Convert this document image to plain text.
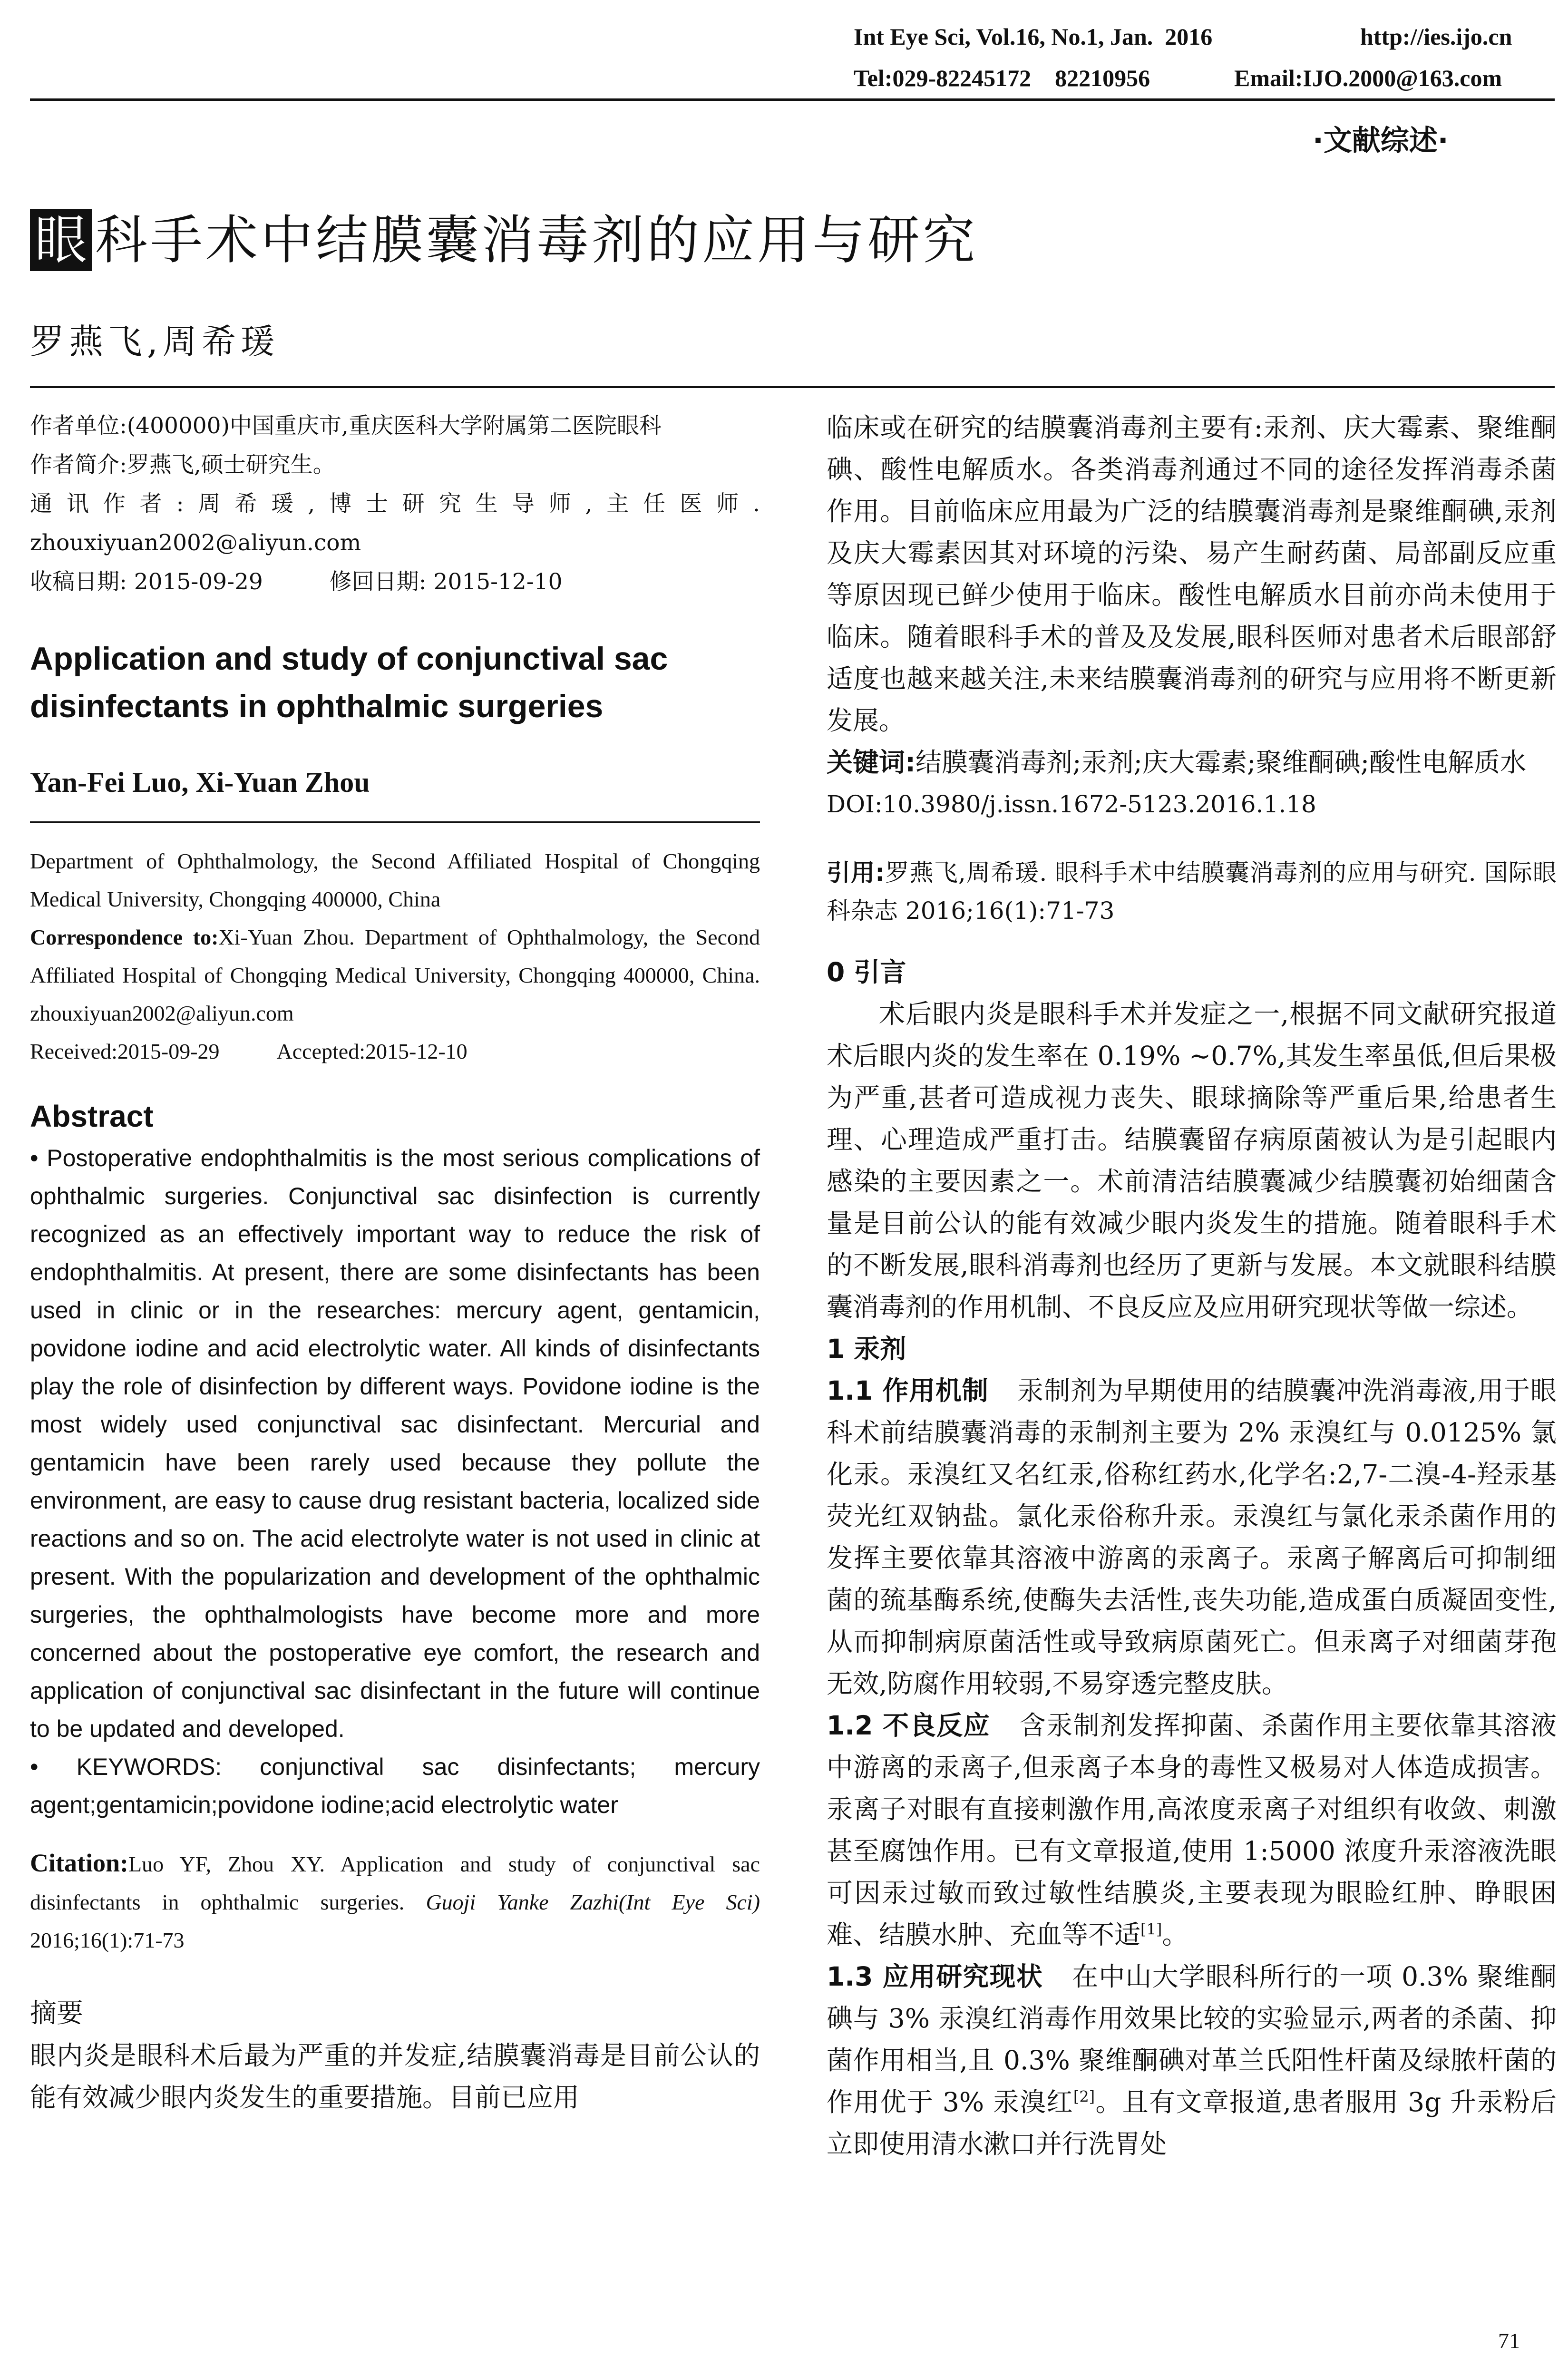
Int Eye Sci, Vol.16, No.1, Jan.  2016	http://ies.ijo.cn
Tel:029-82245172    82210956	Email:IJO.2000@163.com
·文献综述·
眼 科手术中结膜囊消毒剂的应用与研究
罗燕飞,周希瑗

作者单位:(400000)中国重庆市,重庆医科大学附属第二医院眼科

作者简介:罗燕飞,硕士研究生。

通讯作者:周希瑗,博士研究生导师,主任医师. zhouxiyuan2002@aliyun.com

收稿日期: 2015-09-29	修回日期: 2015-12-10

Application and study of conjunctival sac disinfectants in ophthalmic surgeries
Yan-Fei Luo, Xi-Yuan Zhou
Department of Ophthalmology, the Second Affiliated Hospital of Chongqing Medical University, Chongqing 400000, China
Correspondence to:Xi-Yuan Zhou. Department of Ophthalmology, the Second Affiliated Hospital of Chongqing Medical University, Chongqing 400000, China. zhouxiyuan2002@aliyun.com
Received:2015-09-29	Accepted:2015-12-10
Abstract
• Postoperative endophthalmitis is the most serious complications of ophthalmic surgeries. Conjunctival sac disinfection is currently recognized as an effectively important way to reduce the risk of endophthalmitis. At present, there are some disinfectants has been used in clinic or in the researches: mercury agent, gentamicin, povidone iodine and acid electrolytic water. All kinds of disinfectants play the role of disinfection by different ways. Povidone iodine is the most widely used conjunctival sac disinfectant. Mercurial and gentamicin have been rarely used because they pollute the environment, are easy to cause drug resistant bacteria, localized side reactions and so on. The acid electrolyte water is not used in clinic at present. With the popularization and development of the ophthalmic surgeries, the ophthalmologists have become more and more concerned about the postoperative eye comfort, the research and application of conjunctival sac disinfectant in the future will continue to be updated and developed.
• KEYWORDS: conjunctival sac disinfectants; mercury agent;gentamicin;povidone iodine;acid electrolytic water
Citation:Luo YF, Zhou XY. Application and study of conjunctival sac disinfectants in ophthalmic surgeries. Guoji Yanke Zazhi(Int Eye Sci) 2016;16(1):71-73
摘要
眼内炎是眼科术后最为严重的并发症,结膜囊消毒是目前公认的能有效减少眼内炎发生的重要措施。目前已应用
临床或在研究的结膜囊消毒剂主要有:汞剂、庆大霉素、聚维酮碘、酸性电解质水。各类消毒剂通过不同的途径发挥消毒杀菌作用。目前临床应用最为广泛的结膜囊消毒剂是聚维酮碘,汞剂及庆大霉素因其对环境的污染、易产生耐药菌、局部副反应重等原因现已鲜少使用于临床。酸性电解质水目前亦尚未使用于临床。随着眼科手术的普及及发展,眼科医师对患者术后眼部舒适度也越来越关注,未来结膜囊消毒剂的研究与应用将不断更新发展。
关键词:结膜囊消毒剂;汞剂;庆大霉素;聚维酮碘;酸性电解质水
DOI:10.3980/j.issn.1672-5123.2016.1.18
引用:罗燕飞,周希瑗. 眼科手术中结膜囊消毒剂的应用与研究. 国际眼科杂志 2016;16(1):71-73
0 引言
术后眼内炎是眼科手术并发症之一,根据不同文献研究报道术后眼内炎的发生率在 0.19% ~0.7%,其发生率虽低,但后果极为严重,甚者可造成视力丧失、眼球摘除等严重后果,给患者生理、心理造成严重打击。结膜囊留存病原菌被认为是引起眼内感染的主要因素之一。术前清洁结膜囊减少结膜囊初始细菌含量是目前公认的能有效减少眼内炎发生的措施。随着眼科手术的不断发展,眼科消毒剂也经历了更新与发展。本文就眼科结膜囊消毒剂的作用机制、不良反应及应用研究现状等做一综述。
1 汞剂
1.1 作用机制 汞制剂为早期使用的结膜囊冲洗消毒液,用于眼科术前结膜囊消毒的汞制剂主要为 2% 汞溴红与 0.0125% 氯化汞。汞溴红又名红汞,俗称红药水,化学名:2,7-二溴-4-羟汞基荧光红双钠盐。氯化汞俗称升汞。汞溴红与氯化汞杀菌作用的发挥主要依靠其溶液中游离的汞离子。汞离子解离后可抑制细菌的巯基酶系统,使酶失去活性,丧失功能,造成蛋白质凝固变性,从而抑制病原菌活性或导致病原菌死亡。但汞离子对细菌芽孢无效,防腐作用较弱,不易穿透完整皮肤。
1.2 不良反应 含汞制剂发挥抑菌、杀菌作用主要依靠其溶液中游离的汞离子,但汞离子本身的毒性又极易对人体造成损害。汞离子对眼有直接刺激作用,高浓度汞离子对组织有收敛、刺激甚至腐蚀作用。已有文章报道,使用 1:5000 浓度升汞溶液洗眼可因汞过敏而致过敏性结膜炎,主要表现为眼睑红肿、睁眼困难、结膜水肿、充血等不适[1]。
1.3 应用研究现状 在中山大学眼科所行的一项 0.3% 聚维酮碘与 3% 汞溴红消毒作用效果比较的实验显示,两者的杀菌、抑菌作用相当,且 0.3% 聚维酮碘对革兰氏阳性杆菌及绿脓杆菌的作用优于 3% 汞溴红[2]。且有文章报道,患者服用 3g 升汞粉后立即使用清水漱口并行洗胃处
71
